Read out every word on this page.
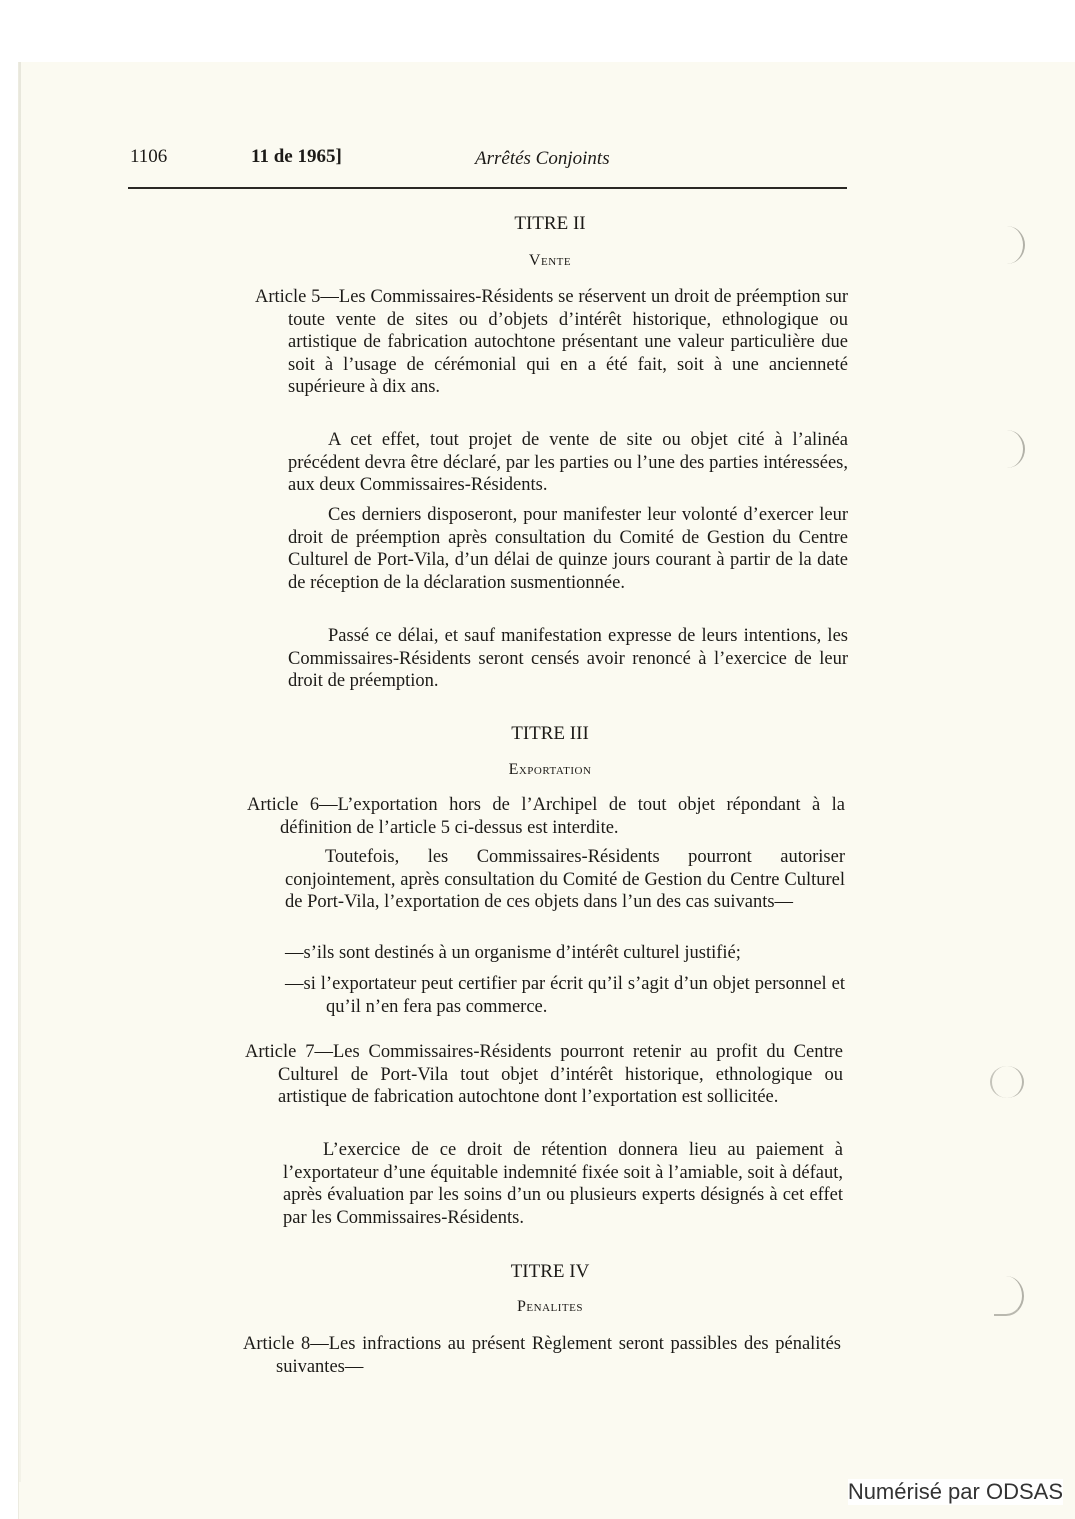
1106	11 de 1965]	Arrêtés Conjoints
TITRE II
Vente
Article 5—Les Commissaires-Résidents se réservent un droit de préemption sur toute vente de sites ou d’objets d’intérêt historique, ethnologique ou artistique de fabrication autochtone présentant une valeur particulière due soit à l’usage de cérémonial qui en a été fait, soit à une ancienneté supérieure à dix ans.
A cet effet, tout projet de vente de site ou objet cité à l’alinéa précédent devra être déclaré, par les parties ou l’une des parties intéressées, aux deux Commissaires-Résidents.
Ces derniers disposeront, pour manifester leur volonté d’exercer leur droit de préemption après consultation du Comité de Gestion du Centre Culturel de Port-Vila, d’un délai de quinze jours courant à partir de la date de réception de la déclaration susmentionnée.
Passé ce délai, et sauf manifestation expresse de leurs intentions, les Commissaires-Résidents seront censés avoir renoncé à l’exercice de leur droit de préemption.
TITRE III
Exportation
Article 6—L’exportation hors de l’Archipel de tout objet répondant à la définition de l’article 5 ci-dessus est interdite.
Toutefois, les Commissaires-Résidents pourront autoriser conjointement, après consultation du Comité de Gestion du Centre Culturel de Port-Vila, l’exportation de ces objets dans l’un des cas suivants—
—s’ils sont destinés à un organisme d’intérêt culturel justifié;
—si l’exportateur peut certifier par écrit qu’il s’agit d’un objet personnel et qu’il n’en fera pas commerce.
Article 7—Les Commissaires-Résidents pourront retenir au profit du Centre Culturel de Port-Vila tout objet d’intérêt historique, ethnologique ou artistique de fabrication autochtone dont l’exportation est sollicitée.
L’exercice de ce droit de rétention donnera lieu au paiement à l’exportateur d’une équitable indemnité fixée soit à l’amiable, soit à défaut, après évaluation par les soins d’un ou plusieurs experts désignés à cet effet par les Commissaires-Résidents.
TITRE IV
Penalites
Article 8—Les infractions au présent Règlement seront passibles des pénalités suivantes—
Numérisé par ODSAS
